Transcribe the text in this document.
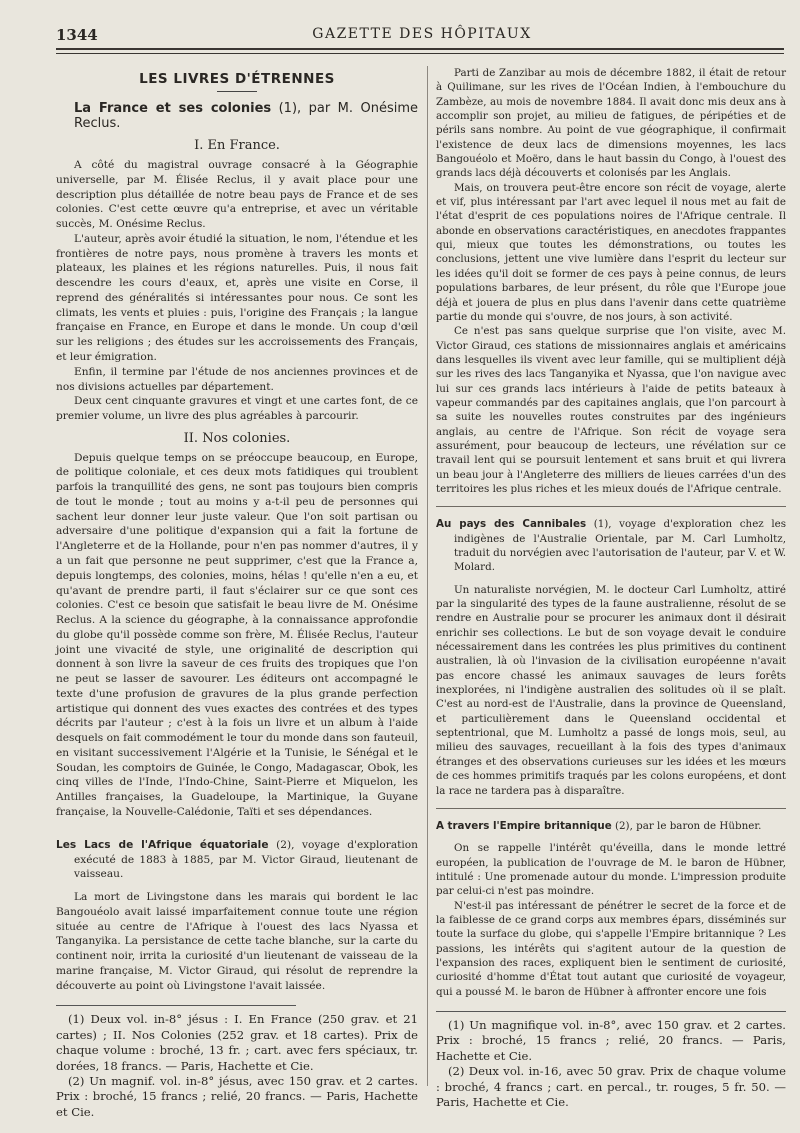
1344	GAZETTE DES HÔPITAUX
LES LIVRES D'ÉTRENNES
La France et ses colonies (1), par M. Onésime Reclus.
I. En France.

A côté du magistral ouvrage consacré à la Géographie universelle, par M. Élisée Reclus, il y avait place pour une description plus détaillée de notre beau pays de France et de ses colonies. C'est cette œuvre qu'a entreprise, et avec un véritable succès, M. Onésime Reclus.

L'auteur, après avoir étudié la situation, le nom, l'étendue et les frontières de notre pays, nous promène à travers les monts et plateaux, les plaines et les régions naturelles. Puis, il nous fait descendre les cours d'eaux, et, après une visite en Corse, il reprend des généralités si intéressantes pour nous. Ce sont les climats, les vents et pluies : puis, l'origine des Français ; la langue française en France, en Europe et dans le monde. Un coup d'œil sur les religions ; des études sur les accroissements des Français, et leur émigration.

Enfin, il termine par l'étude de nos anciennes provinces et de nos divisions actuelles par département.

Deux cent cinquante gravures et vingt et une cartes font, de ce premier volume, un livre des plus agréables à parcourir.

II. Nos colonies.

Depuis quelque temps on se préoccupe beaucoup, en Europe, de politique coloniale, et ces deux mots fatidiques qui troublent parfois la tranquillité des gens, ne sont pas toujours bien compris de tout le monde ; tout au moins y a-t-il peu de personnes qui sachent leur donner leur juste valeur. Que l'on soit partisan ou adversaire d'une politique d'expansion qui a fait la fortune de l'Angleterre et de la Hollande, pour n'en pas nommer d'autres, il y a un fait que personne ne peut supprimer, c'est que la France a, depuis longtemps, des colonies, moins, hélas ! qu'elle n'en a eu, et qu'avant de prendre parti, il faut s'éclairer sur ce que sont ces colonies. C'est ce besoin que satisfait le beau livre de M. Onésime Reclus. A la science du géographe, à la connaissance approfondie du globe qu'il possède comme son frère, M. Élisée Reclus, l'auteur joint une vivacité de style, une originalité de description qui donnent à son livre la saveur de ces fruits des tropiques que l'on ne peut se lasser de savourer. Les éditeurs ont accompagné le texte d'une profusion de gravures de la plus grande perfection artistique qui donnent des vues exactes des contrées et des types décrits par l'auteur ; c'est à la fois un livre et un album à l'aide desquels on fait commodément le tour du monde dans son fauteuil, en visitant successivement l'Algérie et la Tunisie, le Sénégal et le Soudan, les comptoirs de Guinée, le Congo, Madagascar, Obok, les cinq villes de l'Inde, l'Indo-Chine, Saint-Pierre et Miquelon, les Antilles françaises, la Guadeloupe, la Martinique, la Guyane française, la Nouvelle-Calédonie, Taïti et ses dépendances.

Les Lacs de l'Afrique équatoriale (2), voyage d'exploration exécuté de 1883 à 1885, par M. Victor Giraud, lieutenant de vaisseau.

La mort de Livingstone dans les marais qui bordent le lac Bangouéolo avait laissé imparfaitement connue toute une région située au centre de l'Afrique à l'ouest des lacs Nyassa et Tanganyika. La persistance de cette tache blanche, sur la carte du continent noir, irrita la curiosité d'un lieutenant de vaisseau de la marine française, M. Victor Giraud, qui résolut de reprendre la découverte au point où Livingstone l'avait laissée.

(1) Deux vol. in-8° jésus : I. En France (250 grav. et 21 cartes) ; II. Nos Colonies (252 grav. et 18 cartes). Prix de chaque volume : broché, 13 fr. ; cart. avec fers spéciaux, tr. dorées, 18 francs. — Paris, Hachette et Cie.

(2) Un magnif. vol. in-8° jésus, avec 150 grav. et 2 cartes. Prix : broché, 15 francs ; relié, 20 francs. — Paris, Hachette et Cie.

Parti de Zanzibar au mois de décembre 1882, il était de retour à Quilimane, sur les rives de l'Océan Indien, à l'embouchure du Zambèze, au mois de novembre 1884. Il avait donc mis deux ans à accomplir son projet, au milieu de fatigues, de péripéties et de périls sans nombre. Au point de vue géographique, il confirmait l'existence de deux lacs de dimensions moyennes, les lacs Bangouéolo et Moëro, dans le haut bassin du Congo, à l'ouest des grands lacs déjà découverts et colonisés par les Anglais.

Mais, on trouvera peut-être encore son récit de voyage, alerte et vif, plus intéressant par l'art avec lequel il nous met au fait de l'état d'esprit de ces populations noires de l'Afrique centrale. Il abonde en observations caractéristiques, en anecdotes frappantes qui, mieux que toutes les démonstrations, ou toutes les conclusions, jettent une vive lumière dans l'esprit du lecteur sur les idées qu'il doit se former de ces pays à peine connus, de leurs populations barbares, de leur présent, du rôle que l'Europe joue déjà et jouera de plus en plus dans l'avenir dans cette quatrième partie du monde qui s'ouvre, de nos jours, à son activité.

Ce n'est pas sans quelque surprise que l'on visite, avec M. Victor Giraud, ces stations de missionnaires anglais et américains dans lesquelles ils vivent avec leur famille, qui se multiplient déjà sur les rives des lacs Tanganyika et Nyassa, que l'on navigue avec lui sur ces grands lacs intérieurs à l'aide de petits bateaux à vapeur commandés par des capitaines anglais, que l'on parcourt à sa suite les nouvelles routes construites par des ingénieurs anglais, au centre de l'Afrique. Son récit de voyage sera assurément, pour beaucoup de lecteurs, une révélation sur ce travail lent qui se poursuit lentement et sans bruit et qui livrera un beau jour à l'Angleterre des milliers de lieues carrées d'un des territoires les plus riches et les mieux doués de l'Afrique centrale.

Au pays des Cannibales (1), voyage d'exploration chez les indigènes de l'Australie Orientale, par M. Carl Lumholtz, traduit du norvégien avec l'autorisation de l'auteur, par V. et W. Molard.

Un naturaliste norvégien, M. le docteur Carl Lumholtz, attiré par la singularité des types de la faune australienne, résolut de se rendre en Australie pour se procurer les animaux dont il désirait enrichir ses collections. Le but de son voyage devait le conduire nécessairement dans les contrées les plus primitives du continent australien, là où l'invasion de la civilisation européenne n'avait pas encore chassé les animaux sauvages de leurs forêts inexplorées, ni l'indigène australien des solitudes où il se plaît. C'est au nord-est de l'Australie, dans la province de Queensland, et particulièrement dans le Queensland occidental et septentrional, que M. Lumholtz a passé de longs mois, seul, au milieu des sauvages, recueillant à la fois des types d'animaux étranges et des observations curieuses sur les idées et les mœurs de ces hommes primitifs traqués par les colons européens, et dont la race ne tardera pas à disparaître.

A travers l'Empire britannique (2), par le baron de Hübner.

On se rappelle l'intérêt qu'éveilla, dans le monde lettré européen, la publication de l'ouvrage de M. le baron de Hübner, intitulé : Une promenade autour du monde. L'impression produite par celui-ci n'est pas moindre.

N'est-il pas intéressant de pénétrer le secret de la force et de la faiblesse de ce grand corps aux membres épars, disséminés sur toute la surface du globe, qui s'appelle l'Empire britannique ? Les passions, les intérêts qui s'agitent autour de la question de l'expansion des races, expliquent bien le sentiment de curiosité, curiosité d'homme d'État tout autant que curiosité de voyageur, qui a poussé M. le baron de Hübner à affronter encore une fois

(1) Un magnifique vol. in-8°, avec 150 grav. et 2 cartes. Prix : broché, 15 francs ; relié, 20 francs. — Paris, Hachette et Cie.

(2) Deux vol. in-16, avec 50 grav. Prix de chaque volume : broché, 4 francs ; cart. en percal., tr. rouges, 5 fr. 50. — Paris, Hachette et Cie.
